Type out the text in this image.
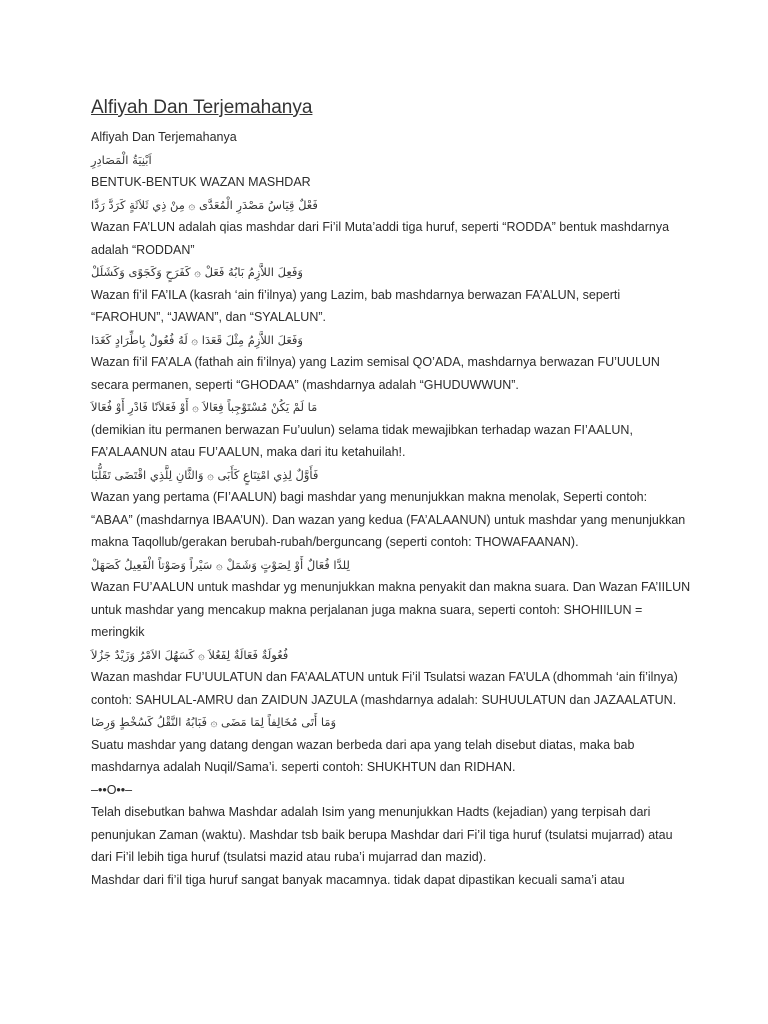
Alfiyah Dan Terjemahanya

Alfiyah Dan Terjemahanya

اَبْنِيَةُ الْمَصَادِرِ

BENTUK-BENTUK WAZAN MASHDAR

فَعْلٌ قِيَاسُ مَصْدَرِ الْمُعَدَّى ۞ مِنْ ذِي ثَلاَثَةٍ كَرَدَّ رَدَّا

Wazan FA’LUN adalah qias mashdar dari Fi’il Muta’addi tiga huruf, seperti “RODDA” bentuk mashdarnya adalah “RODDAN”

وَفَعِلَ اللاَّزِمُ بَابُهُ فَعَلْ ۞ كَفَرَحٍ وَكَجَوًى وَكَشَلَلْ

Wazan fi’il FA’ILA (kasrah ‘ain fi’ilnya) yang Lazim, bab mashdarnya berwazan FA’ALUN, seperti “FAROHUN”, “JAWAN”, dan “SYALALUN”.

وَفَعَلَ اللاَّزِمُ مِثْلَ قَعَدَا ۞ لَهُ فُعُولٌ بِاطِّرَادٍ كَغَدَا

Wazan fi’il FA’ALA (fathah ain fi’ilnya) yang Lazim semisal QO’ADA, mashdarnya berwazan FU’UULUN secara permanen, seperti “GHODAA” (mashdarnya adalah “GHUDUWWUN”.

مَا لَمْ يَكُنْ مُسْتَوْجِباً فِعَالاَ ۞ أَوْ فَعَلاَنًا فَادْرِ أَوْ فُعَالاَ

(demikian itu permanen berwazan Fu’uulun) selama tidak mewajibkan terhadap wazan FI’AALUN, FA’ALAANUN atau FU’AALUN, maka dari itu ketahuilah!.

فَأَوَّلٌ لِذِي امْتِنَاعٍ كَأَبَى ۞ وَالثَّانِ لِلَّذِي اقْتَضَى تَقَلُّبَا

Wazan yang pertama (FI’AALUN) bagi mashdar yang menunjukkan makna menolak, Seperti contoh: “ABAA” (mashdarnya IBAA’UN). Dan wazan yang kedua (FA’ALAANUN) untuk mashdar yang menunjukkan makna Taqollub/gerakan berubah-rubah/berguncang (seperti contoh: THOWAFAANAN).

لِلدَّا فُعَالٌ أَوْ لِصَوْتٍ وَشَمَلْ ۞ سَيْراً وَصَوْتاً الْفَعِيلُ كَصَهَلْ

Wazan FU’AALUN untuk mashdar yg menunjukkan makna penyakit dan makna suara. Dan Wazan FA’IILUN untuk mashdar yang mencakup makna perjalanan juga makna suara, seperti contoh: SHOHIILUN = meringkik

فُعُولَةٌ فَعَالَةٌ لِفَعُلاَ ۞ كَسَهُلَ الاَمْرُ وَزَيْدٌ جَزُلاَ

Wazan mashdar FU’UULATUN dan FA’AALATUN untuk Fi’il Tsulatsi wazan FA’ULA (dhommah ‘ain fi’ilnya) contoh: SAHULAL-AMRU dan ZAIDUN JAZULA (mashdarnya adalah: SUHUULATUN dan JAZAALATUN.

وَمَا أَتَى مُخَالِفاً لِمَا مَضَى ۞ فَبَابُهُ النَّقْلُ كَسُخْطٍ وَرِضَا

Suatu mashdar yang datang dengan wazan berbeda dari apa yang telah disebut diatas, maka bab mashdarnya adalah Nuqil/Sama’i. seperti contoh: SHUKHTUN dan RIDHAN.

–••O••–

Telah disebutkan bahwa Mashdar adalah Isim yang menunjukkan Hadts (kejadian) yang terpisah dari penunjukan Zaman (waktu). Mashdar tsb baik berupa Mashdar dari Fi’il tiga huruf (tsulatsi mujarrad) atau dari Fi’il lebih tiga huruf (tsulatsi mazid atau ruba’i mujarrad dan mazid).

Mashdar dari fi’il tiga huruf sangat banyak macamnya. tidak dapat dipastikan kecuali sama’i atau
